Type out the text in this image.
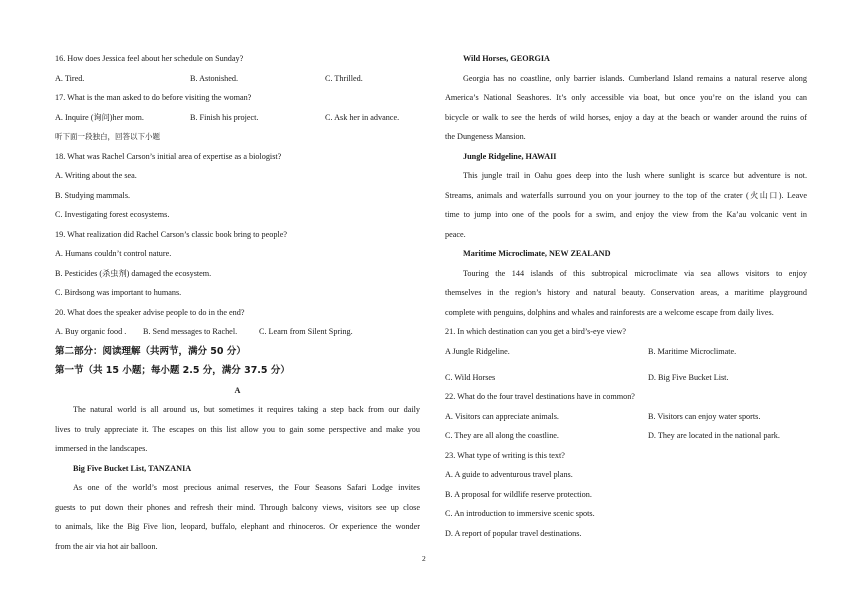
16. How does Jessica feel about her schedule on Sunday?
A. Tired.	B. Astonished.	C. Thrilled.
17. What is the man asked to do before visiting the woman?
A. Inquire (询问)her mom.	B. Finish his project.	C. Ask her in advance.
听下面一段独白，回答以下小题
18. What was Rachel Carson’s initial area of expertise as a biologist?
A. Writing about the sea.
B. Studying mammals.
C. Investigating forest ecosystems.
19. What realization did Rachel Carson’s classic book bring to people?
A. Humans couldn’t control nature.
B. Pesticides (杀虫剂) damaged the ecosystem.
C. Birdsong was important to humans.
20. What does the speaker advise people to do in the end?
A. Buy organic food . B. Send messages to Rachel.	C. Learn from Silent Spring.
第二部分：阅读理解（共两节，满分 50 分）
第一节（共 15 小题；每小题 2.5 分，满分 37.5 分）
A
The natural world is all around us, but sometimes it requires taking a step back from our daily
lives to truly appreciate it. The escapes on this list allow you to gain some perspective and make you
immersed in the landscapes.
Big Five Bucket List, TANZANIA
As one of the world’s most precious animal reserves, the Four Seasons Safari Lodge invites
guests to put down their phones and refresh their mind. Through balcony views, visitors see up close
to animals, like the Big Five lion, leopard, buffalo, elephant and rhinoceros. Or experience the wonder
from the air via hot air balloon.
Wild Horses, GEORGIA
Georgia has no coastline, only barrier islands. Cumberland Island remains a natural reserve along
America’s National Seashores. It’s only accessible via boat, but once you’re on the island you can
bicycle or walk to see the herds of wild horses, enjoy a day at the beach or wander around the ruins of
the Dungeness Mansion.
Jungle Ridgeline, HAWAII
This jungle trail in Oahu goes deep into the lush where sunlight is scarce but adventure is not.
Streams, animals and waterfalls surround you on your journey to the top of the crater (火山口). Leave
time to jump into one of the pools for a swim, and enjoy the view from the Ka’au volcanic vent in
peace.
Maritime Microclimate, NEW ZEALAND
Touring the 144 islands of this subtropical microclimate via sea allows visitors to enjoy
themselves in the region’s history and natural beauty. Conservation areas, a maritime playground
complete with penguins, dolphins and whales and rainforests are a welcome escape from daily lives.
21. In which destination can you get a bird’s-eye view?
A Jungle Ridgeline.	B. Maritime Microclimate.
C. Wild Horses	D. Big Five Bucket List.
22. What do the four travel destinations have in common?
A. Visitors can appreciate animals.	B. Visitors can enjoy water sports.
C. They are all along the coastline.	D. They are located in the national park.
23. What type of writing is this text?
A. A guide to adventurous travel plans.
B. A proposal for wildlife reserve protection.
C. An introduction to immersive scenic spots.
D. A report of popular travel destinations.
2
